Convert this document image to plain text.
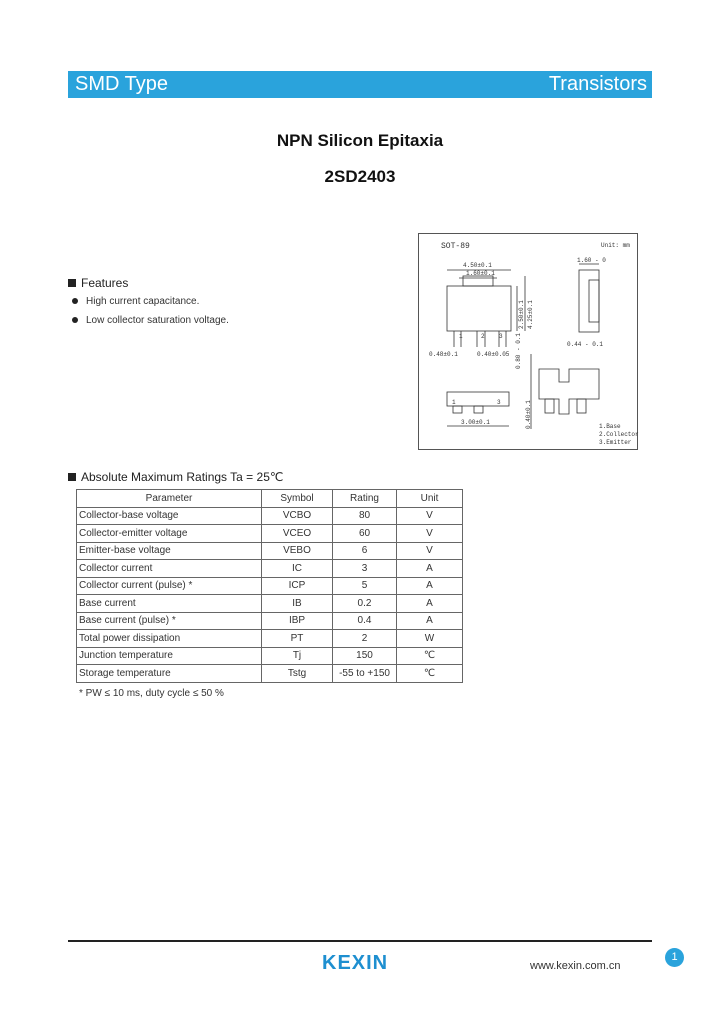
SMD Type	Transistors
NPN Silicon Epitaxia
2SD2403
Features
High current capacitance.
Low collector saturation voltage.
SOT-89	Unit: mm
4.50±0.1
1.60±0.1
1	2 3
0.48±0.1	0.40±0.05
2.50±0.1 4.25±0.1
1.60 - 0
0.44 - 0.1
1	3
3.00±0.1
0.80 - 0.1
0.40±0.1	1.Base
2.Collector
3.Emitter
Absolute Maximum Ratings Ta = 25℃
Parameter	Symbol	Rating	Unit
Collector-base voltage	VCBO	80	V
Collector-emitter voltage	VCEO	60	V
Emitter-base voltage	VEBO	6	V
Collector current	IC	3	A
Collector current (pulse) *	ICP	5	A
Base current	IB	0.2	A
Base current (pulse) *	IBP	0.4	A
Total power dissipation	PT	2	W
Junction temperature	Tj	150	℃
Storage temperature	Tstg	-55 to +150	℃
* PW ≤ 10 ms, duty cycle ≤ 50 %
KEXIN	www.kexin.com.cn
1
